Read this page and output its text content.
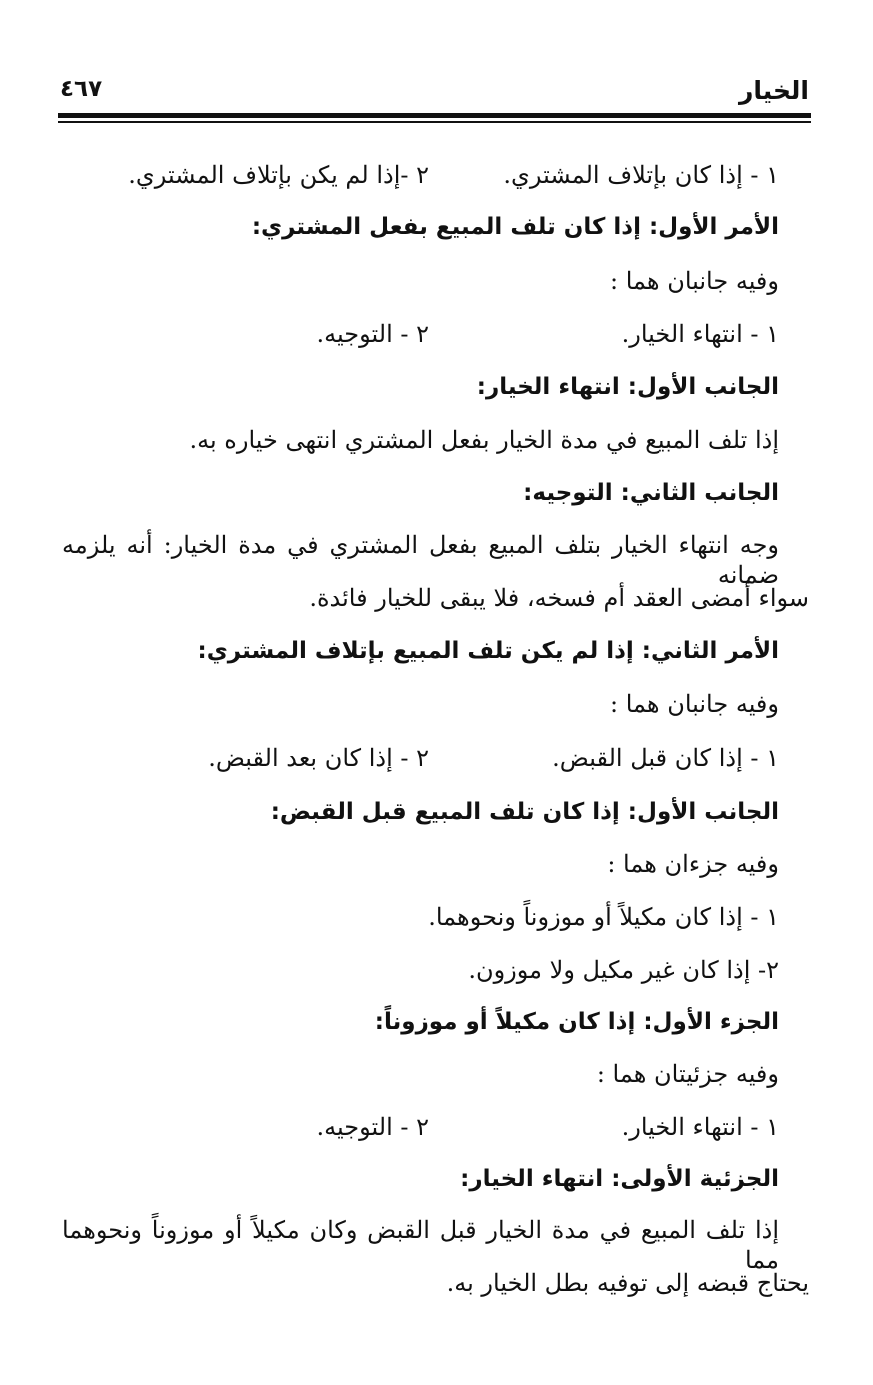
الخيار
٤٦٧
١ - إذا كان بإتلاف المشتري.
٢ -إذا لم يكن بإتلاف المشتري.
الأمر الأول: إذا كان تلف المبيع بفعل المشتري:
وفيه جانبان هما :
١ - انتهاء الخيار.
٢ - التوجيه.
الجانب الأول: انتهاء الخيار:
إذا تلف المبيع في مدة الخيار بفعل المشتري انتهى خياره به.
الجانب الثاني: التوجيه:
وجه انتهاء الخيار بتلف المبيع بفعل المشتري في مدة الخيار: أنه يلزمه ضمانه
سواء أمضى العقد أم فسخه، فلا يبقى للخيار فائدة.
الأمر الثاني: إذا لم يكن تلف المبيع بإتلاف المشتري:
وفيه جانبان هما :
١ - إذا كان قبل القبض.
٢ - إذا كان بعد القبض.
الجانب الأول: إذا كان تلف المبيع قبل القبض:
وفيه جزءان هما :
١ - إذا كان مكيلاً أو موزوناً ونحوهما.
٢- إذا كان غير مكيل ولا موزون.
الجزء الأول: إذا كان مكيلاً أو موزوناً:
وفيه جزئيتان هما :
١ - انتهاء الخيار.
٢ - التوجيه.
الجزئية الأولى: انتهاء الخيار:
إذا تلف المبيع في مدة الخيار قبل القبض وكان مكيلاً أو موزوناً ونحوهما مما
يحتاج قبضه إلى توفيه بطل الخيار به.
